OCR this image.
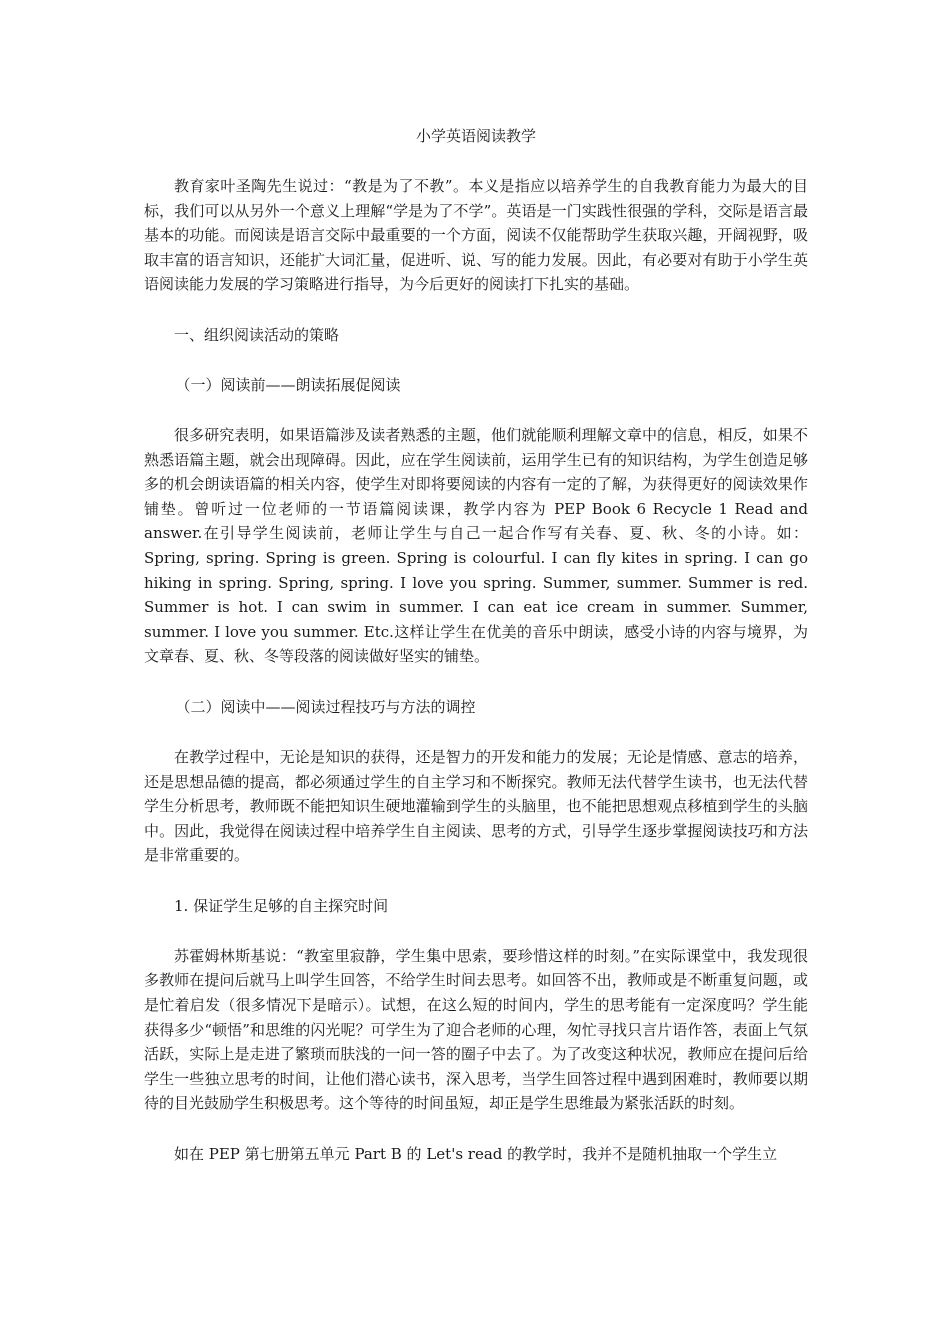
小学英语阅读教学

教育家叶圣陶先生说过：“教是为了不教”。本义是指应以培养学生的自我教育能力为最大的目标，我们可以从另外一个意义上理解“学是为了不学”。英语是一门实践性很强的学科，交际是语言最基本的功能。而阅读是语言交际中最重要的一个方面，阅读不仅能帮助学生获取兴趣，开阔视野，吸取丰富的语言知识，还能扩大词汇量，促进听、说、写的能力发展。因此，有必要对有助于小学生英语阅读能力发展的学习策略进行指导，为今后更好的阅读打下扎实的基础。

一、组织阅读活动的策略
（一）阅读前——朗读拓展促阅读

很多研究表明，如果语篇涉及读者熟悉的主题，他们就能顺利理解文章中的信息，相反，如果不熟悉语篇主题，就会出现障碍。因此，应在学生阅读前，运用学生已有的知识结构，为学生创造足够多的机会朗读语篇的相关内容，使学生对即将要阅读的内容有一定的了解，为获得更好的阅读效果作铺垫。曾听过一位老师的一节语篇阅读课，教学内容为 PEP Book 6 Recycle 1 Read and answer.在引导学生阅读前，老师让学生与自己一起合作写有关春、夏、秋、冬的小诗。如： Spring, spring. Spring is green. Spring is colourful. I can fly kites in spring. I can go hiking in spring. Spring, spring. I love you spring. Summer, summer. Summer is red. Summer is hot. I can swim in summer. I can eat ice cream in summer. Summer, summer. I love you summer. Etc.这样让学生在优美的音乐中朗读，感受小诗的内容与境界，为文章春、夏、秋、冬等段落的阅读做好坚实的铺垫。

（二）阅读中——阅读过程技巧与方法的调控

在教学过程中，无论是知识的获得，还是智力的开发和能力的发展；无论是情感、意志的培养，还是思想品德的提高，都必须通过学生的自主学习和不断探究。教师无法代替学生读书，也无法代替学生分析思考，教师既不能把知识生硬地灌输到学生的头脑里，也不能把思想观点移植到学生的头脑中。因此，我觉得在阅读过程中培养学生自主阅读、思考的方式，引导学生逐步掌握阅读技巧和方法是非常重要的。

1. 保证学生足够的自主探究时间

苏霍姆林斯基说：“教室里寂静，学生集中思索，要珍惜这样的时刻。”在实际课堂中，我发现很多教师在提问后就马上叫学生回答，不给学生时间去思考。如回答不出，教师或是不断重复问题，或是忙着启发（很多情况下是暗示）。试想，在这么短的时间内，学生的思考能有一定深度吗？学生能获得多少“顿悟”和思维的闪光呢？可学生为了迎合老师的心理，匆忙寻找只言片语作答，表面上气氛活跃，实际上是走进了繁琐而肤浅的一问一答的圈子中去了。为了改变这种状况，教师应在提问后给学生一些独立思考的时间，让他们潜心读书，深入思考，当学生回答过程中遇到困难时，教师要以期待的目光鼓励学生积极思考。这个等待的时间虽短，却正是学生思维最为紧张活跃的时刻。

如在 PEP 第七册第五单元 Part B 的 Let's read 的教学时，我并不是随机抽取一个学生立
